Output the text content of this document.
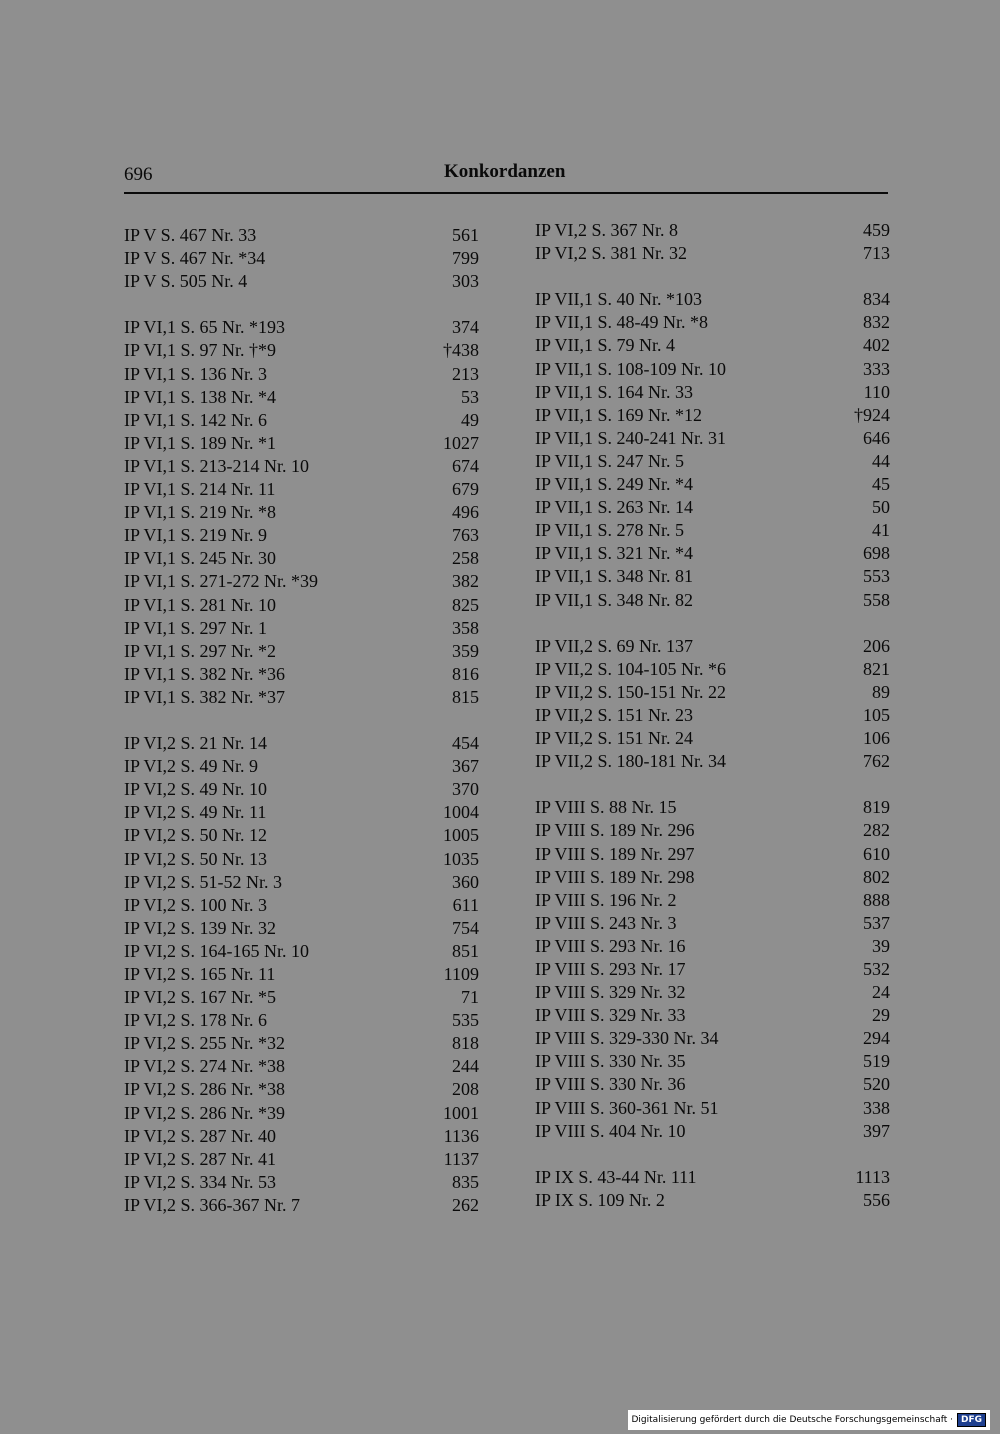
696	Konkordanzen
IP V S. 467 Nr. 33	561
IP V S. 467 Nr. *34	799
IP V S. 505 Nr. 4	303
IP VI,1 S. 65 Nr. *193	374
IP VI,1 S. 97 Nr. †*9	†438
IP VI,1 S. 136 Nr. 3	213
IP VI,1 S. 138 Nr. *4	53
IP VI,1 S. 142 Nr. 6	49
IP VI,1 S. 189 Nr. *1	1027
IP VI,1 S. 213-214 Nr. 10	674
IP VI,1 S. 214 Nr. 11	679
IP VI,1 S. 219 Nr. *8	496
IP VI,1 S. 219 Nr. 9	763
IP VI,1 S. 245 Nr. 30	258
IP VI,1 S. 271-272 Nr. *39	382
IP VI,1 S. 281 Nr. 10	825
IP VI,1 S. 297 Nr. 1	358
IP VI,1 S. 297 Nr. *2	359
IP VI,1 S. 382 Nr. *36	816
IP VI,1 S. 382 Nr. *37	815
IP VI,2 S. 21 Nr. 14	454
IP VI,2 S. 49 Nr. 9	367
IP VI,2 S. 49 Nr. 10	370
IP VI,2 S. 49 Nr. 11	1004
IP VI,2 S. 50 Nr. 12	1005
IP VI,2 S. 50 Nr. 13	1035
IP VI,2 S. 51-52 Nr. 3	360
IP VI,2 S. 100 Nr. 3	611
IP VI,2 S. 139 Nr. 32	754
IP VI,2 S. 164-165 Nr. 10	851
IP VI,2 S. 165 Nr. 11	1109
IP VI,2 S. 167 Nr. *5	71
IP VI,2 S. 178 Nr. 6	535
IP VI,2 S. 255 Nr. *32	818
IP VI,2 S. 274 Nr. *38	244
IP VI,2 S. 286 Nr. *38	208
IP VI,2 S. 286 Nr. *39	1001
IP VI,2 S. 287 Nr. 40	1136
IP VI,2 S. 287 Nr. 41	1137
IP VI,2 S. 334 Nr. 53	835
IP VI,2 S. 366-367 Nr. 7	262
IP VI,2 S. 367 Nr. 8	459
IP VI,2 S. 381 Nr. 32	713
IP VII,1 S. 40 Nr. *103	834
IP VII,1 S. 48-49 Nr. *8	832
IP VII,1 S. 79 Nr. 4	402
IP VII,1 S. 108-109 Nr. 10	333
IP VII,1 S. 164 Nr. 33	110
IP VII,1 S. 169 Nr. *12	†924
IP VII,1 S. 240-241 Nr. 31	646
IP VII,1 S. 247 Nr. 5	44
IP VII,1 S. 249 Nr. *4	45
IP VII,1 S. 263 Nr. 14	50
IP VII,1 S. 278 Nr. 5	41
IP VII,1 S. 321 Nr. *4	698
IP VII,1 S. 348 Nr. 81	553
IP VII,1 S. 348 Nr. 82	558
IP VII,2 S. 69 Nr. 137	206
IP VII,2 S. 104-105 Nr. *6	821
IP VII,2 S. 150-151 Nr. 22	89
IP VII,2 S. 151 Nr. 23	105
IP VII,2 S. 151 Nr. 24	106
IP VII,2 S. 180-181 Nr. 34	762
IP VIII S. 88 Nr. 15	819
IP VIII S. 189 Nr. 296	282
IP VIII S. 189 Nr. 297	610
IP VIII S. 189 Nr. 298	802
IP VIII S. 196 Nr. 2	888
IP VIII S. 243 Nr. 3	537
IP VIII S. 293 Nr. 16	39
IP VIII S. 293 Nr. 17	532
IP VIII S. 329 Nr. 32	24
IP VIII S. 329 Nr. 33	29
IP VIII S. 329-330 Nr. 34	294
IP VIII S. 330 Nr. 35	519
IP VIII S. 330 Nr. 36	520
IP VIII S. 360-361 Nr. 51	338
IP VIII S. 404 Nr. 10	397
IP IX S. 43-44 Nr. 111	1113
IP IX S. 109 Nr. 2	556
Digitalisierung gefördert durch die Deutsche Forschungsgemeinschaft · DFG
